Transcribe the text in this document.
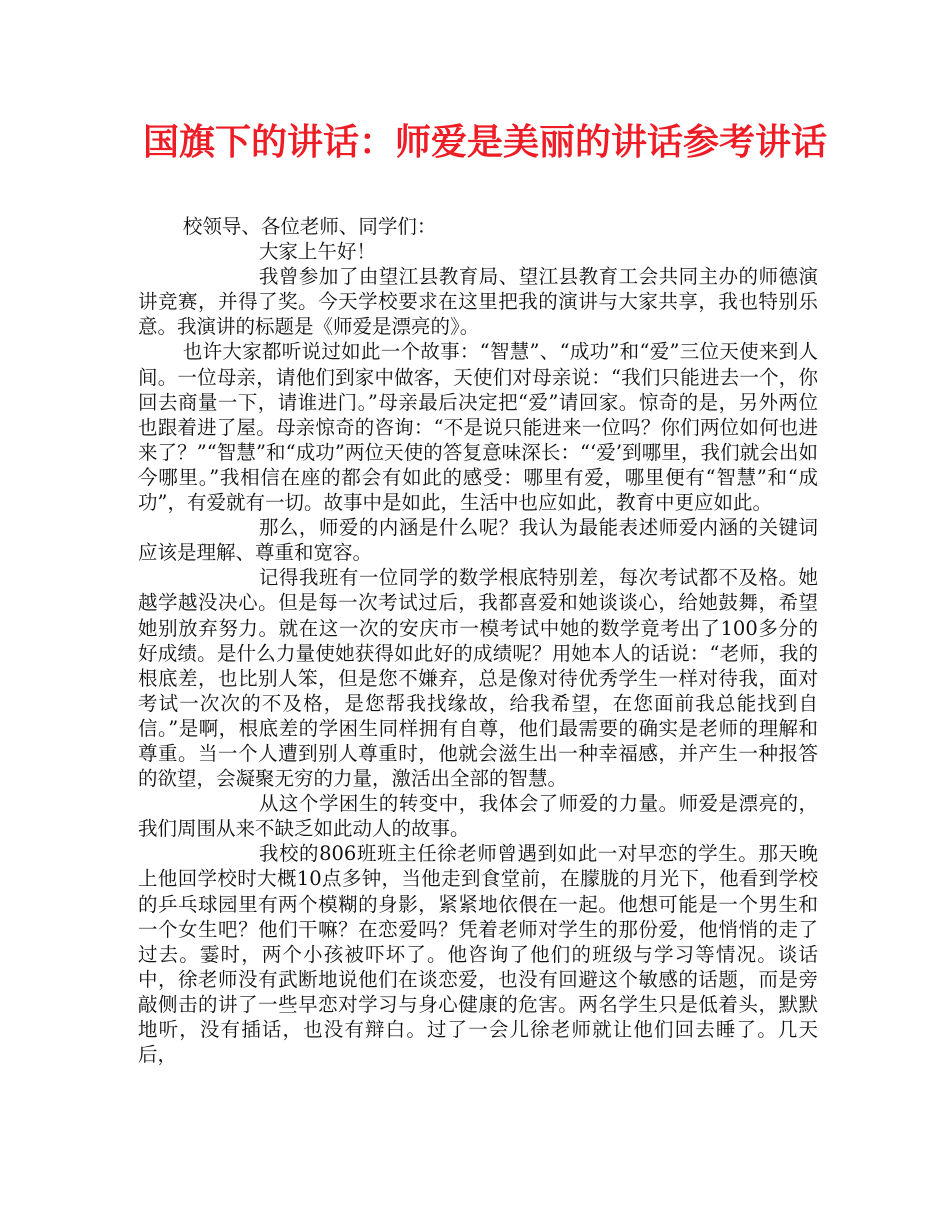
国旗下的讲话：师爱是美丽的讲话参考讲话

校领导、各位老师、同学们：

大家上午好！

我曾参加了由望江县教育局、望江县教育工会共同主办的师德演讲竞赛，并得了奖。今天学校要求在这里把我的演讲与大家共享，我也特别乐意。我演讲的标题是《师爱是漂亮的》。

也许大家都听说过如此一个故事：“智慧”、“成功”和“爱”三位天使来到人间。一位母亲，请他们到家中做客，天使们对母亲说：“我们只能进去一个，你回去商量一下，请谁进门。”母亲最后决定把“爱”请回家。惊奇的是，另外两位也跟着进了屋。母亲惊奇的咨询：“不是说只能进来一位吗？你们两位如何也进来了？”“智慧”和“成功”两位天使的答复意味深长：“‘爱’到哪里，我们就会出如今哪里。”我相信在座的都会有如此的感受：哪里有爱，哪里便有“智慧”和“成功”，有爱就有一切。故事中是如此，生活中也应如此，教育中更应如此。

那么，师爱的内涵是什么呢？我认为最能表述师爱内涵的关键词应该是理解、尊重和宽容。

记得我班有一位同学的数学根底特别差，每次考试都不及格。她越学越没决心。但是每一次考试过后，我都喜爱和她谈谈心，给她鼓舞，希望她别放弃努力。就在这一次的安庆市一模考试中她的数学竟考出了100多分的好成绩。是什么力量使她获得如此好的成绩呢？用她本人的话说：“老师，我的根底差，也比别人笨，但是您不嫌弃，总是像对待优秀学生一样对待我，面对考试一次次的不及格，是您帮我找缘故，给我希望，在您面前我总能找到自信。”是啊，根底差的学困生同样拥有自尊，他们最需要的确实是老师的理解和尊重。当一个人遭到别人尊重时，他就会滋生出一种幸福感，并产生一种报答的欲望，会凝聚无穷的力量，激活出全部的智慧。

从这个学困生的转变中，我体会了师爱的力量。师爱是漂亮的，我们周围从来不缺乏如此动人的故事。

我校的806班班主任徐老师曾遇到如此一对早恋的学生。那天晚上他回学校时大概10点多钟，当他走到食堂前，在朦胧的月光下，他看到学校的乒乓球园里有两个模糊的身影，紧紧地依偎在一起。他想可能是一个男生和一个女生吧？他们干嘛？在恋爱吗？凭着老师对学生的那份爱，他悄悄的走了过去。霎时，两个小孩被吓坏了。他咨询了他们的班级与学习等情况。谈话中，徐老师没有武断地说他们在谈恋爱，也没有回避这个敏感的话题，而是旁敲侧击的讲了一些早恋对学习与身心健康的危害。两名学生只是低着头，默默地听，没有插话，也没有辩白。过了一会儿徐老师就让他们回去睡了。几天后，
